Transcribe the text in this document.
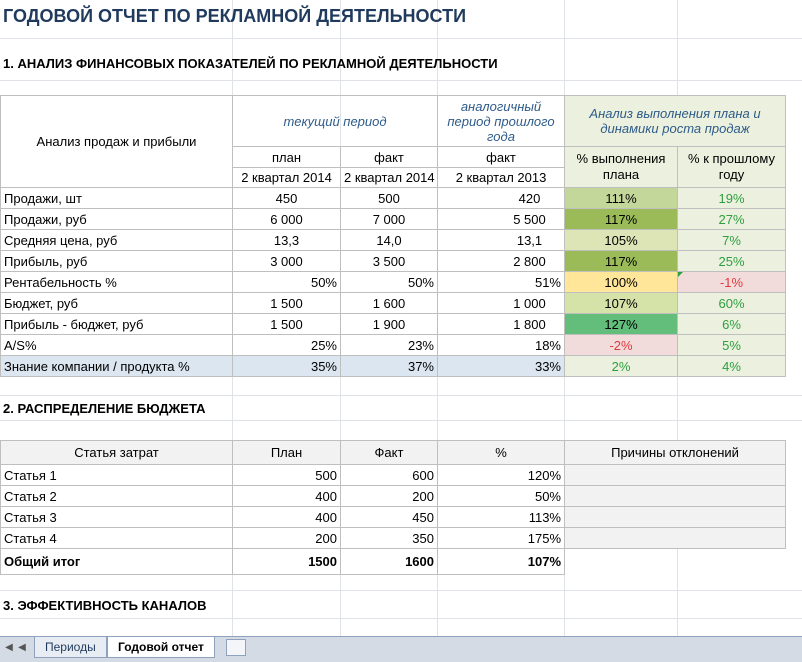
ГОДОВОЙ ОТЧЕТ ПО РЕКЛАМНОЙ ДЕЯТЕЛЬНОСТИ
1. АНАЛИЗ ФИНАНСОВЫХ ПОКАЗАТЕЛЕЙ ПО РЕКЛАМНОЙ ДЕЯТЕЛЬНОСТИ
Анализ продаж и прибыли	текущий период		аналогичный период прошлого года	Анализ выполнения плана и динамики роста продаж	
	план	факт	факт	% выполнения плана	% к прошлому году
	2 квартал 2014	2 квартал 2014	2 квартал 2013		
Продажи, шт	450	500	420	111%	19%
Продажи, руб	6 000	7 000	5 500	117%	27%
Средняя цена, руб	13,3	14,0	13,1	105%	7%
Прибыль, руб	3 000	3 500	2 800	117%	25%
Рентабельность %	50%	50%	51%	100%	-1%
Бюджет, руб	1 500	1 600	1 000	107%	60%
Прибыль - бюджет, руб	1 500	1 900	1 800	127%	6%
A/S%	25%	23%	18%	-2%	5%
Знание компании / продукта %	35%	37%	33%	2%	4%
2. РАСПРЕДЕЛЕНИЕ БЮДЖЕТА
Статья затрат	План	Факт	%	Причины отклонений
Статья 1	500	600	120%	
Статья 2	400	200	50%	
Статья 3	400	450	113%	
Статья 4	200	350	175%	
Общий итог	1500	1600	107%	
3. ЭФФЕКТИВНОСТЬ КАНАЛОВ
◀ ◀	Периоды	Годовой отчет
